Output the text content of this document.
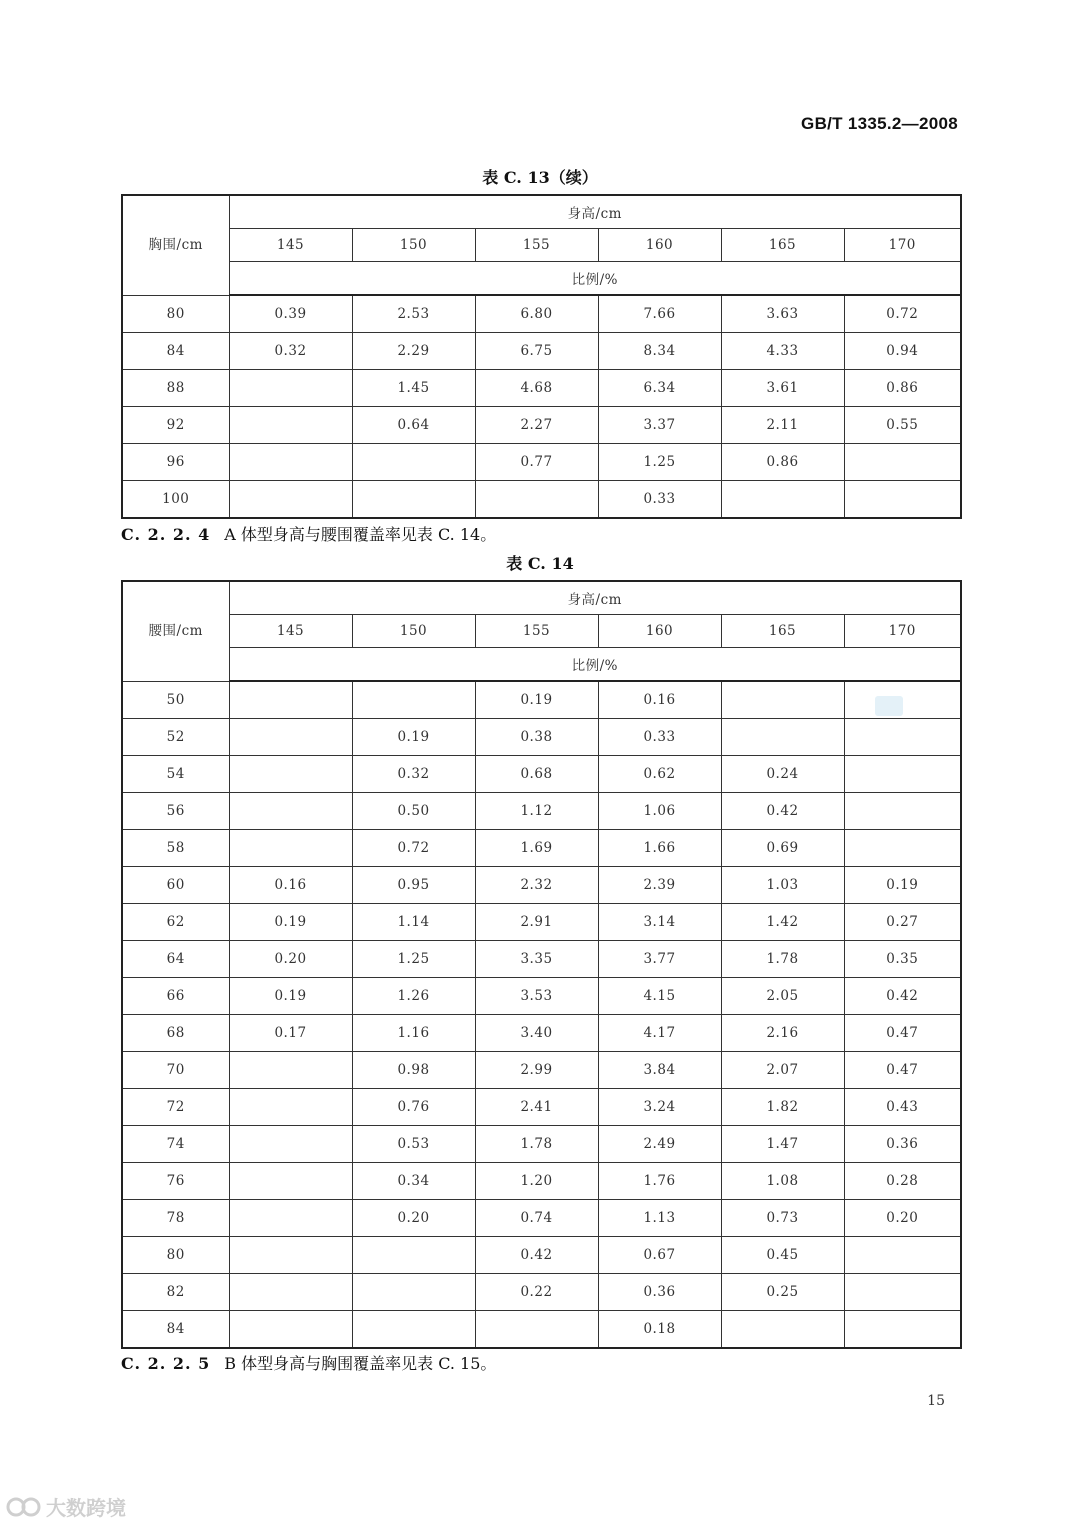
GB/T 1335.2—2008
表 C. 13（续）
胸围/cm	身高/cm					
	145	150	155	160	165	170
	比例/%					
80	0.39	2.53	6.80	7.66	3.63	0.72
84	0.32	2.29	6.75	8.34	4.33	0.94
88		1.45	4.68	6.34	3.61	0.86
92		0.64	2.27	3.37	2.11	0.55
96			0.77	1.25	0.86	
100				0.33		
C. 2. 2. 4 A 体型身高与腰围覆盖率见表 C. 14。
表 C. 14
腰围/cm	身高/cm					
	145	150	155	160	165	170
	比例/%					
50			0.19	0.16		
52		0.19	0.38	0.33		
54		0.32	0.68	0.62	0.24	
56		0.50	1.12	1.06	0.42	
58		0.72	1.69	1.66	0.69	
60	0.16	0.95	2.32	2.39	1.03	0.19
62	0.19	1.14	2.91	3.14	1.42	0.27
64	0.20	1.25	3.35	3.77	1.78	0.35
66	0.19	1.26	3.53	4.15	2.05	0.42
68	0.17	1.16	3.40	4.17	2.16	0.47
70		0.98	2.99	3.84	2.07	0.47
72		0.76	2.41	3.24	1.82	0.43
74		0.53	1.78	2.49	1.47	0.36
76		0.34	1.20	1.76	1.08	0.28
78		0.20	0.74	1.13	0.73	0.20
80			0.42	0.67	0.45	
82			0.22	0.36	0.25	
84				0.18		
C. 2. 2. 5 B 体型身高与胸围覆盖率见表 C. 15。
15
大数跨境
